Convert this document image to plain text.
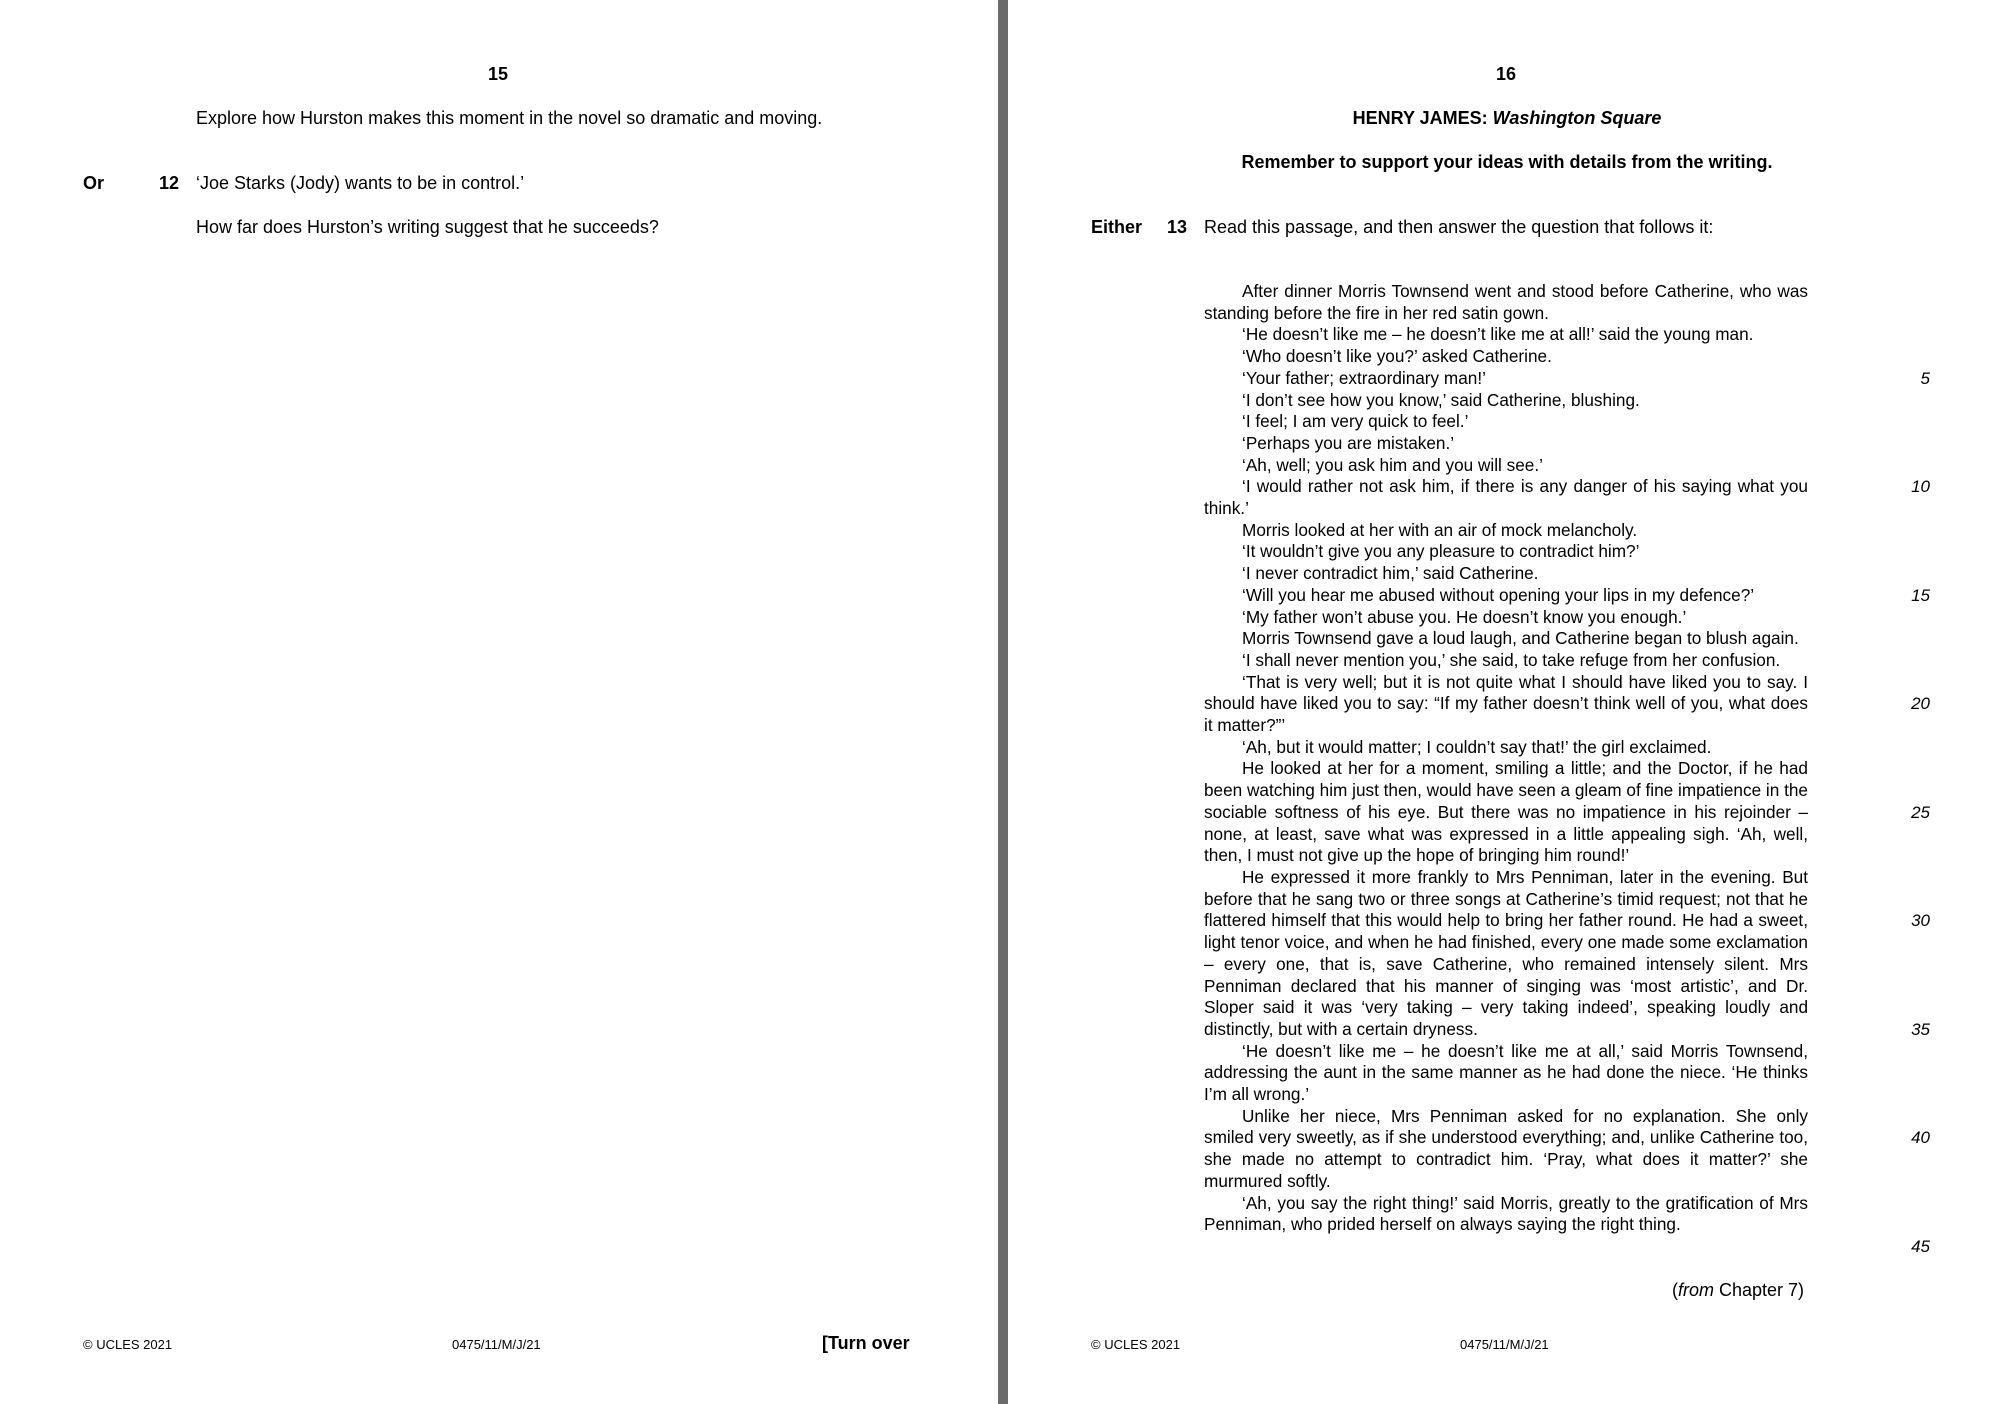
15
Explore how Hurston makes this moment in the novel so dramatic and moving.
Or	12 ‘Joe Starks (Jody) wants to be in control.’
How far does Hurston’s writing suggest that he succeeds?
© UCLES 2021	0475/11/M/J/21	[Turn over
16
HENRY JAMES: Washington Square
Remember to support your ideas with details from the writing.
Either 13 Read this passage, and then answer the question that follows it:

After dinner Morris Townsend went and stood before Catherine, who was standing before the fire in her red satin gown.

‘He doesn’t like me – he doesn’t like me at all!’ said the young man.

‘Who doesn’t like you?’ asked Catherine.

‘Your father; extraordinary man!’

‘I don’t see how you know,’ said Catherine, blushing.

‘I feel; I am very quick to feel.’

‘Perhaps you are mistaken.’

‘Ah, well; you ask him and you will see.’

‘I would rather not ask him, if there is any danger of his saying what you think.’

Morris looked at her with an air of mock melancholy.

‘It wouldn’t give you any pleasure to contradict him?’

‘I never contradict him,’ said Catherine.

‘Will you hear me abused without opening your lips in my defence?’

‘My father won’t abuse you. He doesn’t know you enough.’

Morris Townsend gave a loud laugh, and Catherine began to blush again.

‘I shall never mention you,’ she said, to take refuge from her confusion.

‘That is very well; but it is not quite what I should have liked you to say. I should have liked you to say: “If my father doesn’t think well of you, what does it matter?”’

‘Ah, but it would matter; I couldn’t say that!’ the girl exclaimed.

He looked at her for a moment, smiling a little; and the Doctor, if he had been watching him just then, would have seen a gleam of fine impatience in the sociable softness of his eye. But there was no impatience in his rejoinder – none, at least, save what was expressed in a little appealing sigh. ‘Ah, well, then, I must not give up the hope of bringing him round!’

He expressed it more frankly to Mrs Penniman, later in the evening. But before that he sang two or three songs at Catherine’s timid request; not that he flattered himself that this would help to bring her father round. He had a sweet, light tenor voice, and when he had finished, every one made some exclamation – every one, that is, save Catherine, who remained intensely silent. Mrs Penniman declared that his manner of singing was ‘most artistic’, and Dr. Sloper said it was ‘very taking – very taking indeed’, speaking loudly and distinctly, but with a certain dryness.

‘He doesn’t like me – he doesn’t like me at all,’ said Morris Townsend, addressing the aunt in the same manner as he had done the niece. ‘He thinks I’m all wrong.’

Unlike her niece, Mrs Penniman asked for no explanation. She only smiled very sweetly, as if she understood everything; and, unlike Catherine too, she made no attempt to contradict him. ‘Pray, what does it matter?’ she murmured softly.

‘Ah, you say the right thing!’ said Morris, greatly to the gratification of Mrs Penniman, who prided herself on always saying the right thing.

5
10
15
20
25
30
35
40
45
(from Chapter 7)
© UCLES 2021	0475/11/M/J/21
